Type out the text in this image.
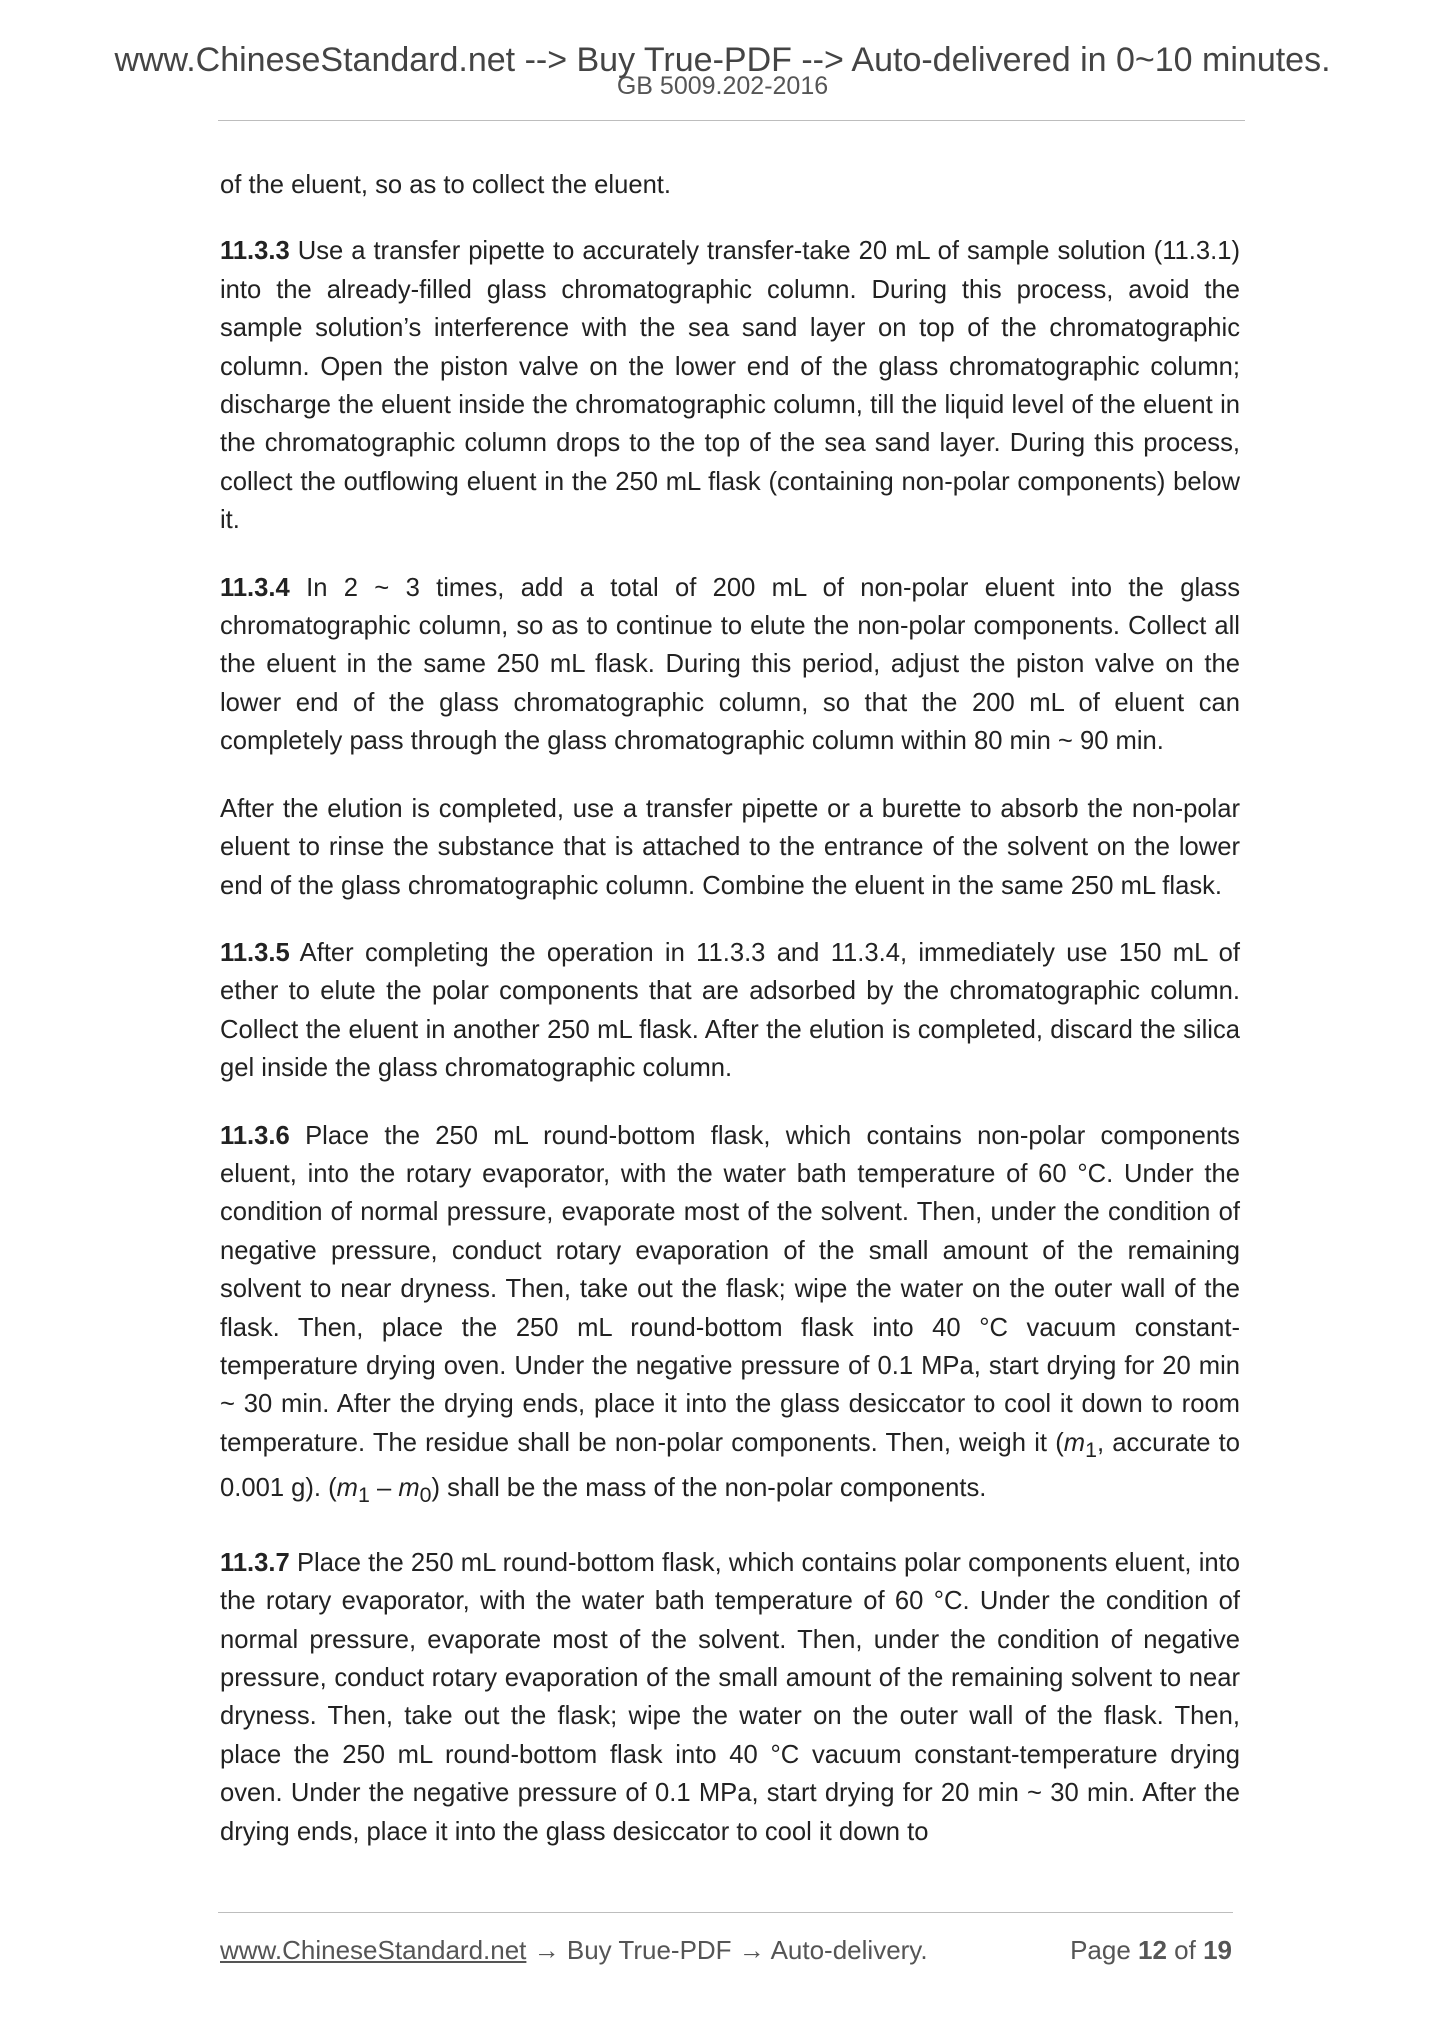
www.ChineseStandard.net --> Buy True-PDF --> Auto-delivered in 0~10 minutes.
GB 5009.202-2016

of the eluent, so as to collect the eluent.

11.3.3 Use a transfer pipette to accurately transfer-take 20 mL of sample solution (11.3.1) into the already-filled glass chromatographic column. During this process, avoid the sample solution’s interference with the sea sand layer on top of the chromatographic column. Open the piston valve on the lower end of the glass chromatographic column; discharge the eluent inside the chromatographic column, till the liquid level of the eluent in the chromatographic column drops to the top of the sea sand layer. During this process, collect the outflowing eluent in the 250 mL flask (containing non-polar components) below it.

11.3.4 In 2 ~ 3 times, add a total of 200 mL of non-polar eluent into the glass chromatographic column, so as to continue to elute the non-polar components. Collect all the eluent in the same 250 mL flask. During this period, adjust the piston valve on the lower end of the glass chromatographic column, so that the 200 mL of eluent can completely pass through the glass chromatographic column within 80 min ~ 90 min.

After the elution is completed, use a transfer pipette or a burette to absorb the non-polar eluent to rinse the substance that is attached to the entrance of the solvent on the lower end of the glass chromatographic column. Combine the eluent in the same 250 mL flask.

11.3.5 After completing the operation in 11.3.3 and 11.3.4, immediately use 150 mL of ether to elute the polar components that are adsorbed by the chromatographic column. Collect the eluent in another 250 mL flask. After the elution is completed, discard the silica gel inside the glass chromatographic column.

11.3.6 Place the 250 mL round-bottom flask, which contains non-polar components eluent, into the rotary evaporator, with the water bath temperature of 60 °C. Under the condition of normal pressure, evaporate most of the solvent. Then, under the condition of negative pressure, conduct rotary evaporation of the small amount of the remaining solvent to near dryness. Then, take out the flask; wipe the water on the outer wall of the flask. Then, place the 250 mL round-bottom flask into 40 °C vacuum constant-temperature drying oven. Under the negative pressure of 0.1 MPa, start drying for 20 min ~ 30 min. After the drying ends, place it into the glass desiccator to cool it down to room temperature. The residue shall be non-polar components. Then, weigh it ($m_1$, accurate to 0.001 g). $(m_1 - m_0)$ shall be the mass of the non-polar components.

11.3.7 Place the 250 mL round-bottom flask, which contains polar components eluent, into the rotary evaporator, with the water bath temperature of 60 °C. Under the condition of normal pressure, evaporate most of the solvent. Then, under the condition of negative pressure, conduct rotary evaporation of the small amount of the remaining solvent to near dryness. Then, take out the flask; wipe the water on the outer wall of the flask. Then, place the 250 mL round-bottom flask into 40 °C vacuum constant-temperature drying oven. Under the negative pressure of 0.1 MPa, start drying for 20 min ~ 30 min. After the drying ends, place it into the glass desiccator to cool it down to

www.ChineseStandard.net → Buy True-PDF → Auto-delivery.	Page 12 of 19
